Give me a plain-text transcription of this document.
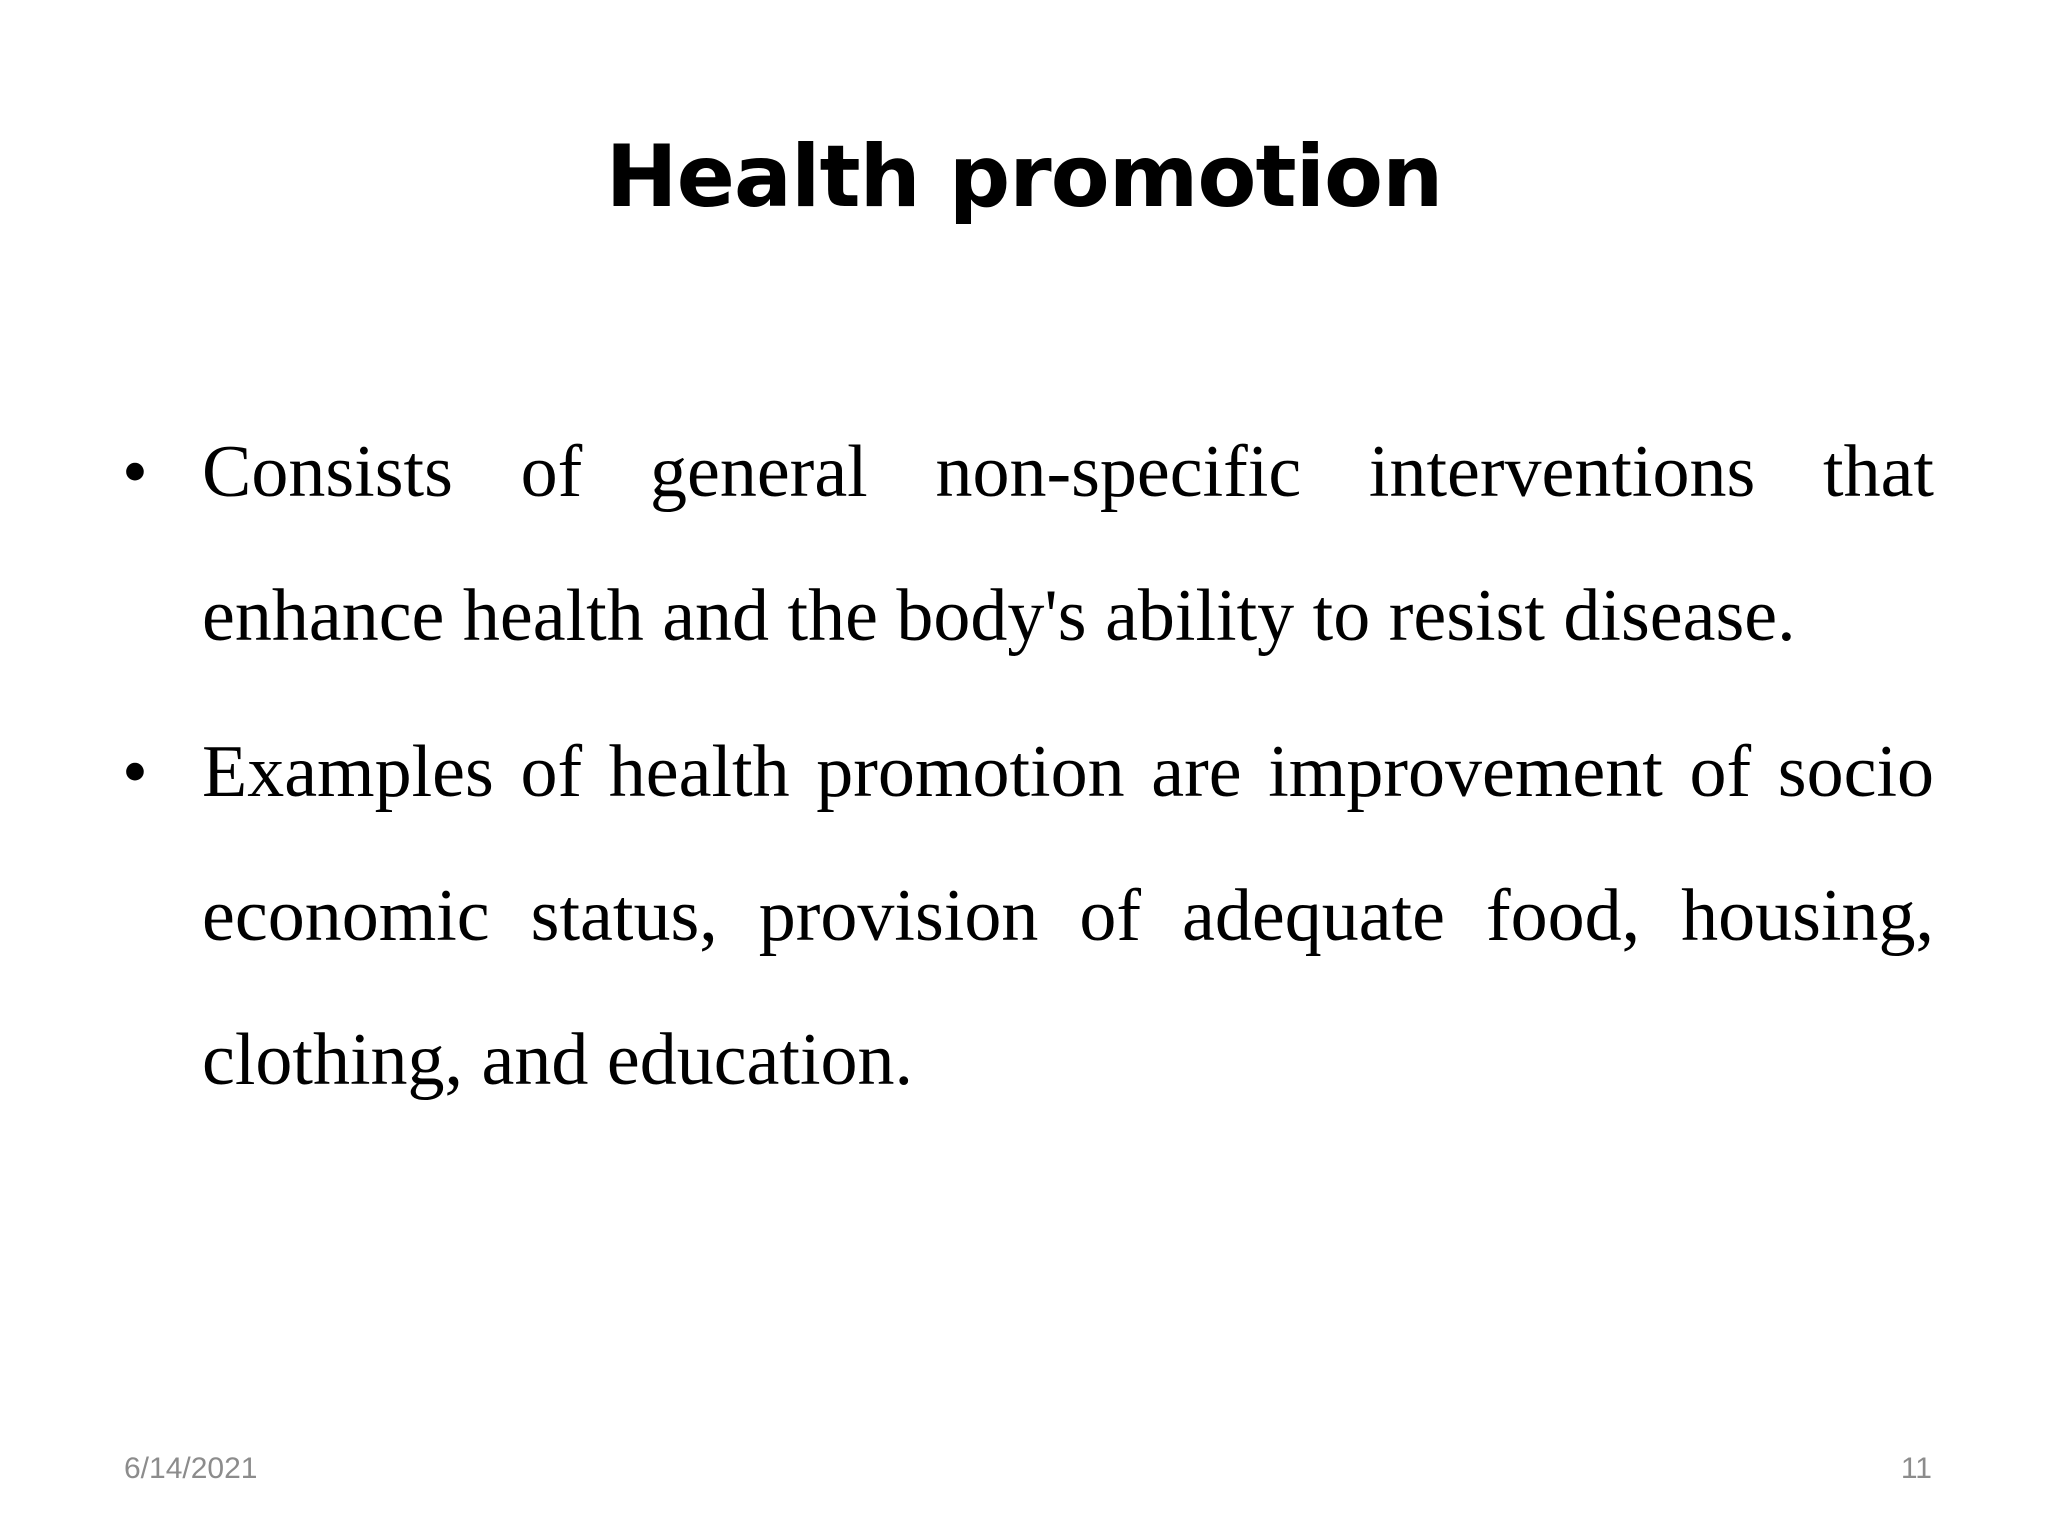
Health promotion
• Consists of general non-specific interventions that enhance health and the body's ability to resist disease.
• Examples of health promotion are improvement of socio economic status, provision of adequate food, housing, clothing, and education.
6/14/2021	11
